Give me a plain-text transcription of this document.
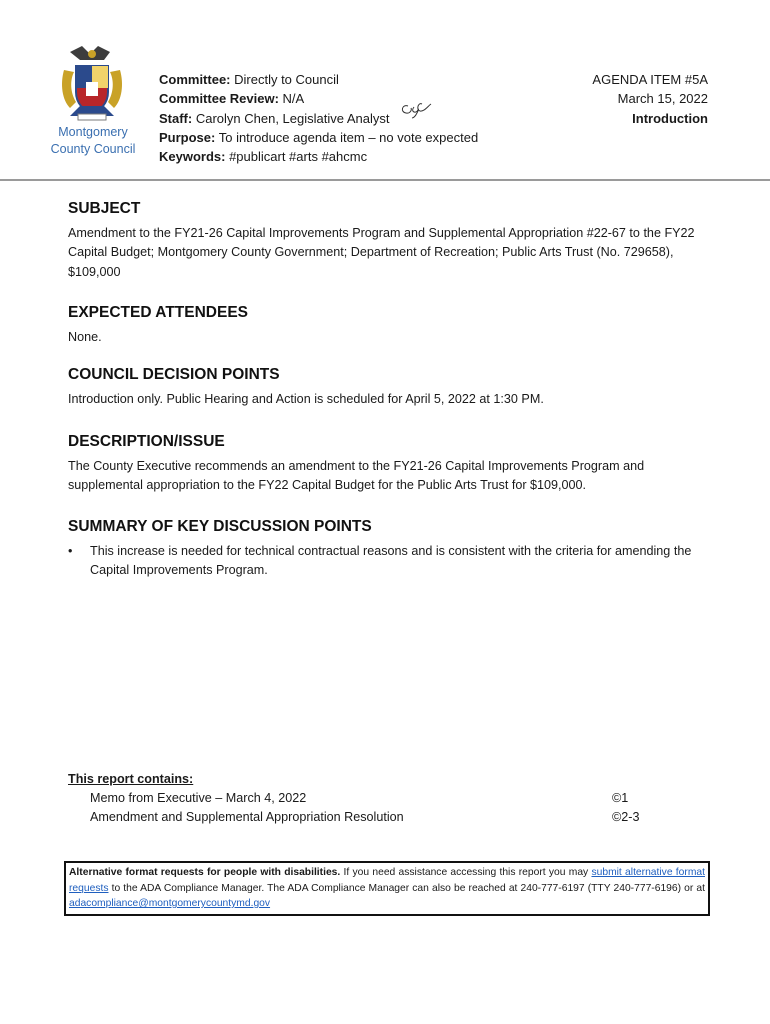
Montgomery
County Council
Committee: Directly to Council
Committee Review: N/A
Staff: Carolyn Chen, Legislative Analyst
Purpose: To introduce agenda item – no vote expected
Keywords: #publicart #arts #ahcmc
AGENDA ITEM #5A
March 15, 2022
Introduction
SUBJECT

Amendment to the FY21-26 Capital Improvements Program and Supplemental Appropriation #22-67 to the FY22 Capital Budget; Montgomery County Government; Department of Recreation; Public Arts Trust (No. 729658), $109,000

EXPECTED ATTENDEES

None.

COUNCIL DECISION POINTS

Introduction only. Public Hearing and Action is scheduled for April 5, 2022 at 1:30 PM.

DESCRIPTION/ISSUE

The County Executive recommends an amendment to the FY21-26 Capital Improvements Program and supplemental appropriation to the FY22 Capital Budget for the Public Arts Trust for $109,000.

SUMMARY OF KEY DISCUSSION POINTS
•	This increase is needed for technical contractual reasons and is consistent with the criteria for amending the Capital Improvements Program.
This report contains:
Memo from Executive – March 4, 2022	©1
Amendment and Supplemental Appropriation Resolution	©2-3
Alternative format requests for people with disabilities. If you need assistance accessing this report you may submit alternative format requests to the ADA Compliance Manager. The ADA Compliance Manager can also be reached at 240-777-6197 (TTY 240-777-6196) or at adacompliance@montgomerycountymd.gov
